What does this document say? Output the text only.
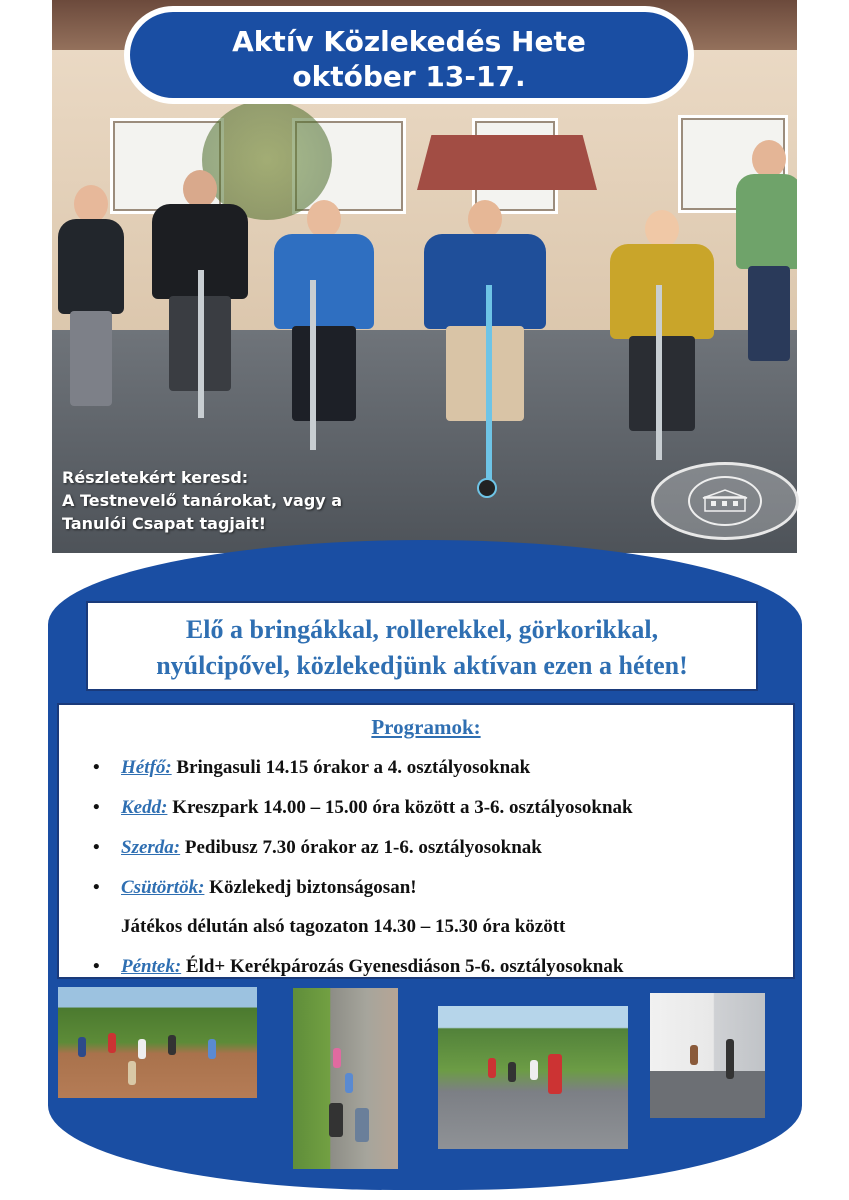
Aktív Közlekedés Hete
október 13-17.
Részletekért keresd:
A Testnevelő tanárokat, vagy a
Tanulói Csapat tagjait!
Elő a bringákkal, rollerekkel, görkorikkal,
nyúlcipővel, közlekedjünk aktívan ezen a héten!
Programok:
• Hétfő: Bringasuli 14.15 órakor a 4. osztályosoknak
• Kedd: Kreszpark 14.00 – 15.00 óra között a 3-6. osztályosoknak
• Szerda: Pedibusz 7.30 órakor az 1-6. osztályosoknak
• Csütörtök: Közlekedj biztonságosan!
Játékos délután alsó tagozaton 14.30 – 15.30 óra között
• Péntek: Éld+ Kerékpározás Gyenesdiáson 5-6. osztályosoknak
